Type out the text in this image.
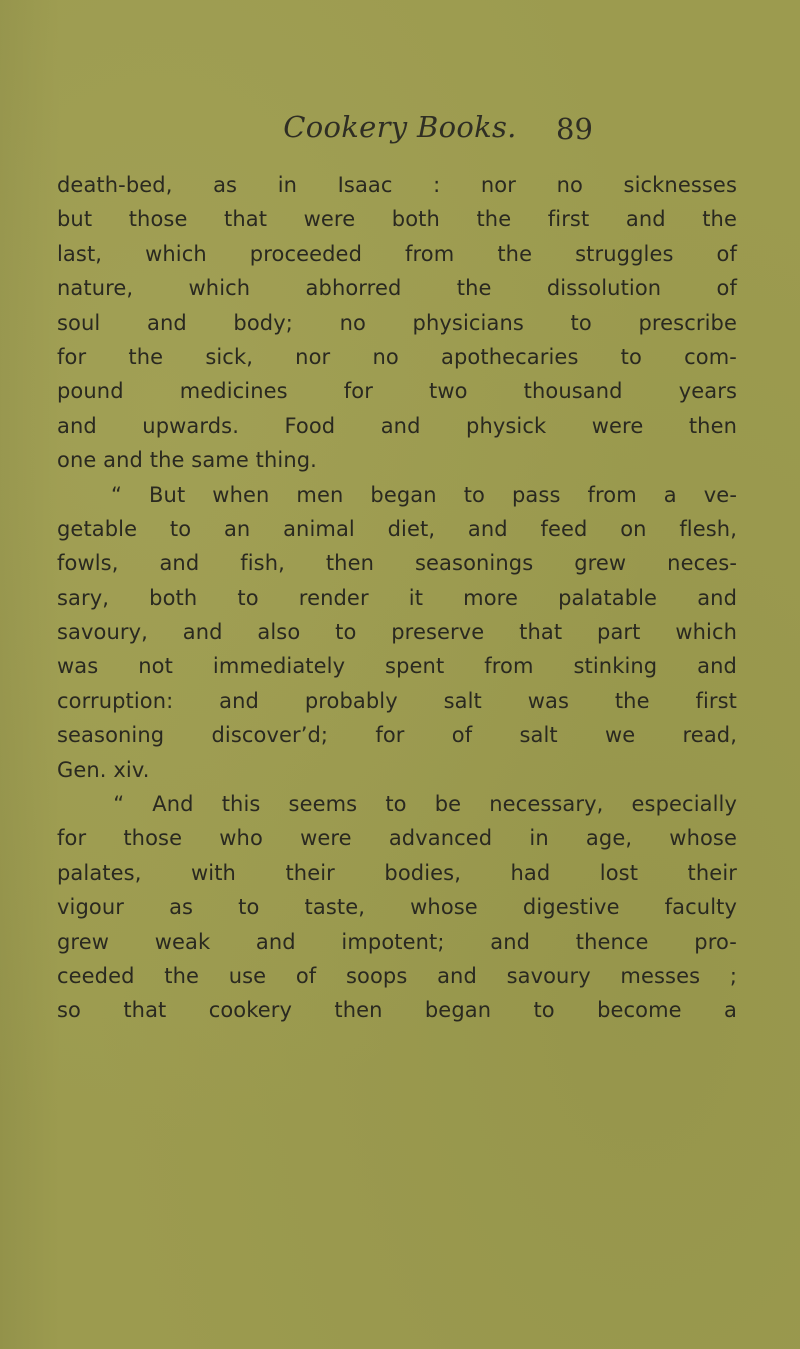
Cookery Books.	89
death-bed, as in Isaac : nor no sicknesses
but those that were both the first and the
last, which proceeded from the struggles of
nature, which abhorred the dissolution of
soul and body; no physicians to prescribe
for the sick, nor no apothecaries to com-
pound medicines for two thousand years
and upwards. Food and physick were then
one and the same thing.
“ But when men began to pass from a ve-
getable to an animal diet, and feed on flesh,
fowls, and fish, then seasonings grew neces-
sary, both to render it more palatable and
savoury, and also to preserve that part which
was not immediately spent from stinking and
corruption: and probably salt was the first
seasoning discover’d; for of salt we read,
Gen. xiv.
“ And this seems to be necessary, especially
for those who were advanced in age, whose
palates, with their bodies, had lost their
vigour as to taste, whose digestive faculty
grew weak and impotent; and thence pro-
ceeded the use of soops and savoury messes ;
so that cookery then began to become a
